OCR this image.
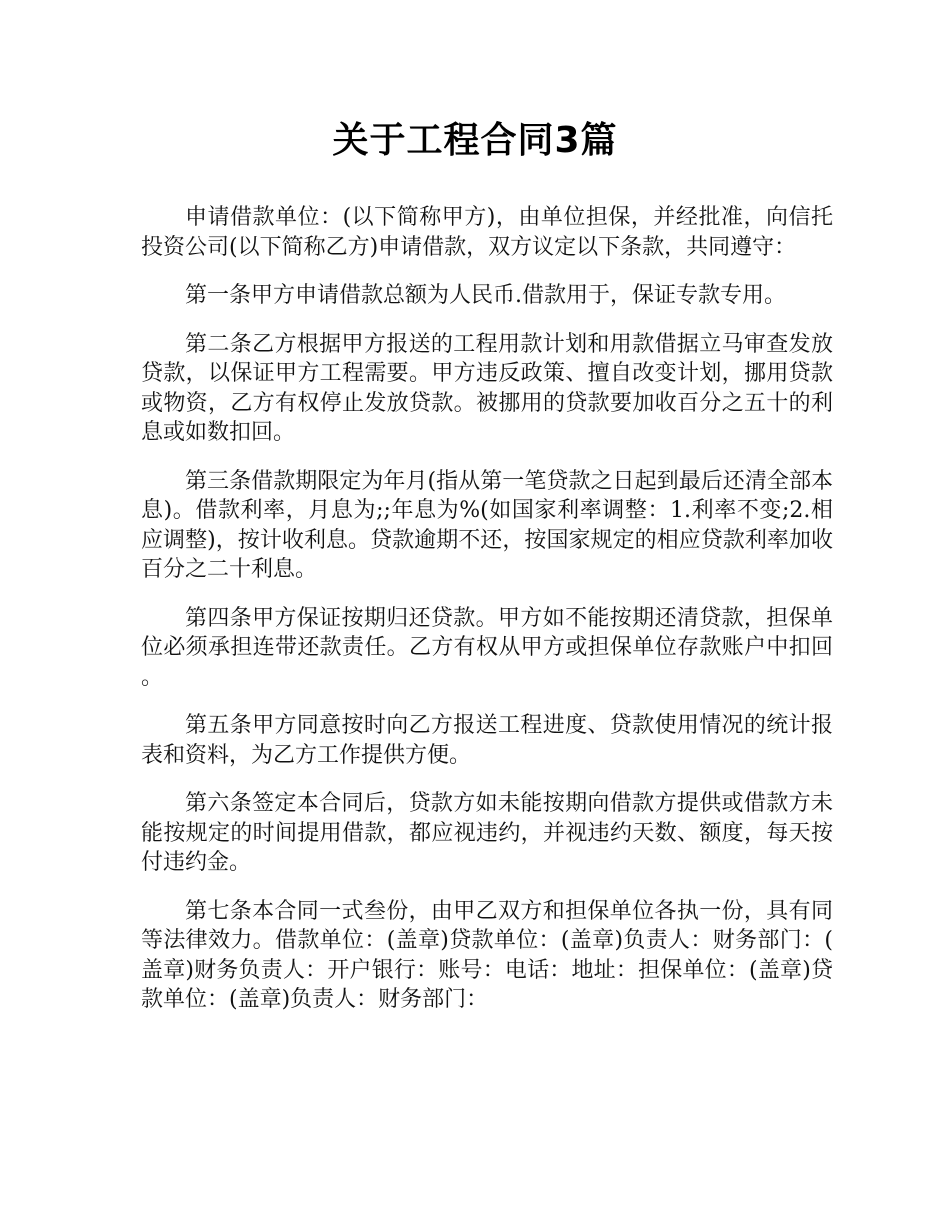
关于工程合同3篇

申请借款单位：(以下简称甲方)，由单位担保，并经批准，向信托投资公司(以下简称乙方)申请借款，双方议定以下条款，共同遵守：

第一条甲方申请借款总额为人民币.借款用于，保证专款专用。

第二条乙方根据甲方报送的工程用款计划和用款借据立马审查发放贷款，以保证甲方工程需要。甲方违反政策、擅自改变计划，挪用贷款或物资，乙方有权停止发放贷款。被挪用的贷款要加收百分之五十的利息或如数扣回。

第三条借款期限定为年月(指从第一笔贷款之日起到最后还清全部本息)。借款利率，月息为;;年息为%(如国家利率调整：1.利率不变;2.相应调整)，按计收利息。贷款逾期不还，按国家规定的相应贷款利率加收百分之二十利息。

第四条甲方保证按期归还贷款。甲方如不能按期还清贷款，担保单位必须承担连带还款责任。乙方有权从甲方或担保单位存款账户中扣回。

第五条甲方同意按时向乙方报送工程进度、贷款使用情况的统计报表和资料，为乙方工作提供方便。

第六条签定本合同后，贷款方如未能按期向借款方提供或借款方未能按规定的时间提用借款，都应视违约，并视违约天数、额度，每天按付违约金。

第七条本合同一式叁份，由甲乙双方和担保单位各执一份，具有同等法律效力。借款单位：(盖章)贷款单位：(盖章)负责人：财务部门：(盖章)财务负责人：开户银行：账号：电话：地址：担保单位：(盖章)贷款单位：(盖章)负责人：财务部门：
